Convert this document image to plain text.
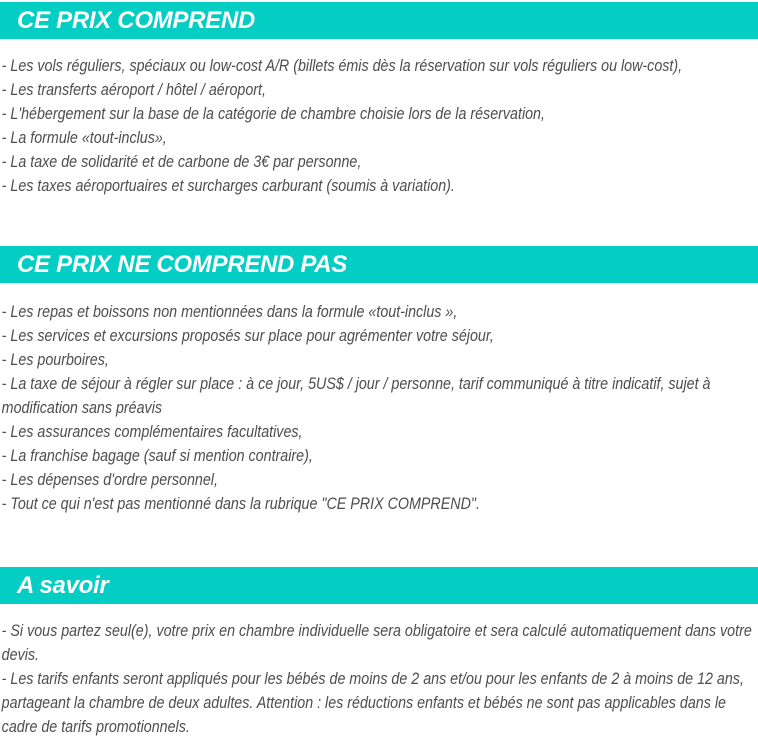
CE PRIX COMPREND

- Les vols réguliers, spéciaux ou low-cost A/R (billets émis dès la réservation sur vols réguliers ou low-cost),

- Les transferts aéroport / hôtel / aéroport,

- L'hébergement sur la base de la catégorie de chambre choisie lors de la réservation,

- La formule «tout-inclus»,

- La taxe de solidarité et de carbone de 3€ par personne,

- Les taxes aéroportuaires et surcharges carburant (soumis à variation).

CE PRIX NE COMPREND PAS

- Les repas et boissons non mentionnées dans la formule «tout-inclus »,

- Les services et excursions proposés sur place pour agrémenter votre séjour,

- Les pourboires,

- La taxe de séjour à régler sur place : à ce jour, 5US$ / jour / personne, tarif communiqué à titre indicatif, sujet à modification sans préavis

- Les assurances complémentaires facultatives,

- La franchise bagage (sauf si mention contraire),

- Les dépenses d'ordre personnel,

- Tout ce qui n'est pas mentionné dans la rubrique "CE PRIX COMPREND".

A savoir

- Si vous partez seul(e), votre prix en chambre individuelle sera obligatoire et sera calculé automatiquement dans votre devis.

- Les tarifs enfants seront appliqués pour les bébés de moins de 2 ans et/ou pour les enfants de 2 à moins de 12 ans, partageant la chambre de deux adultes. Attention : les réductions enfants et bébés ne sont pas applicables dans le cadre de tarifs promotionnels.
